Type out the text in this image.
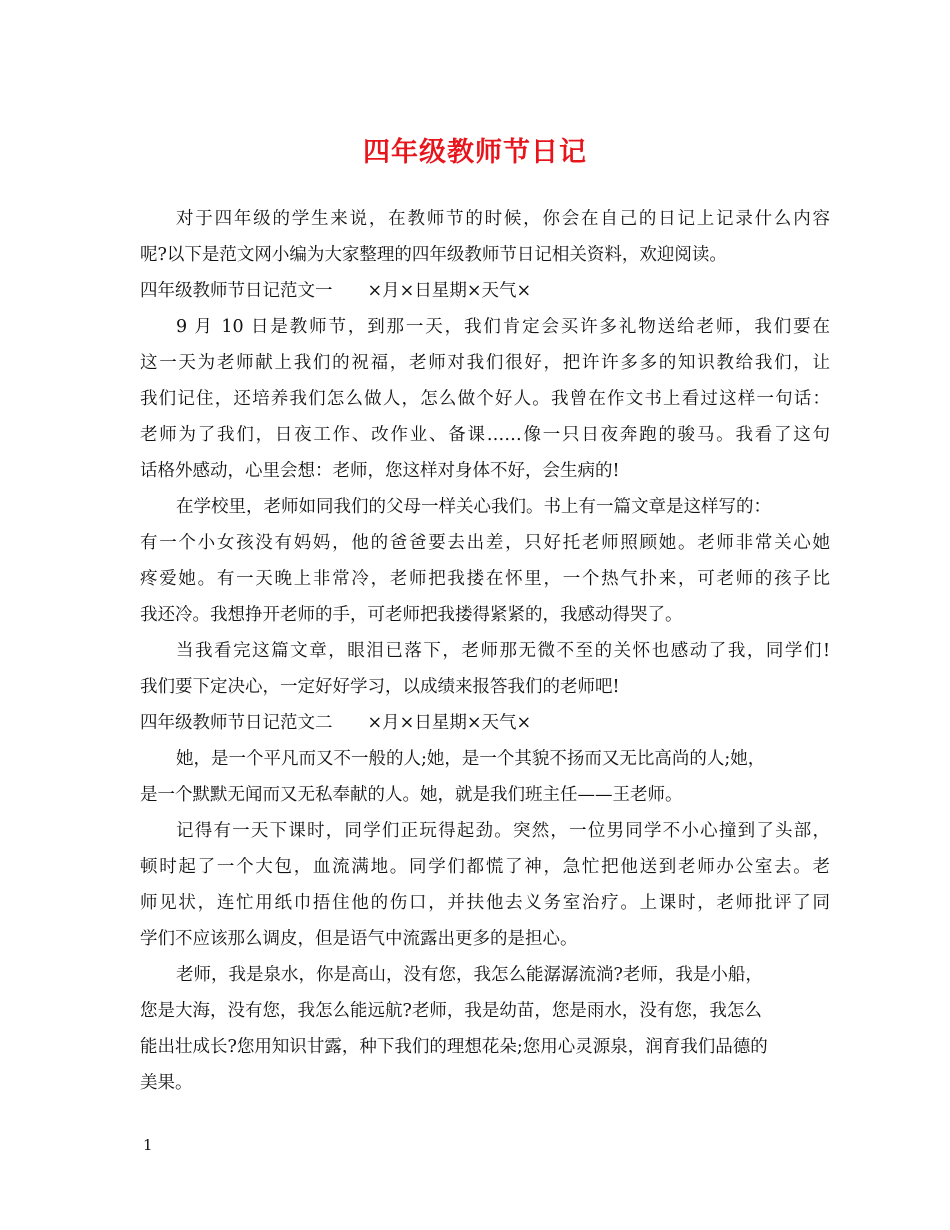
四年级教师节日记
对于四年级的学生来说，在教师节的时候，你会在自己的日记上记录什么内容
呢?以下是范文网小编为大家整理的四年级教师节日记相关资料，欢迎阅读。
四年级教师节日记范文一　　×月×日星期×天气×
9 月 10 日是教师节，到那一天，我们肯定会买许多礼物送给老师，我们要在
这一天为老师献上我们的祝福，老师对我们很好，把许许多多的知识教给我们，让
我们记住，还培养我们怎么做人，怎么做个好人。我曾在作文书上看过这样一句话：
老师为了我们，日夜工作、改作业、备课……像一只日夜奔跑的骏马。我看了这句
话格外感动，心里会想：老师，您这样对身体不好，会生病的!
在学校里，老师如同我们的父母一样关心我们。书上有一篇文章是这样写的：
有一个小女孩没有妈妈，他的爸爸要去出差，只好托老师照顾她。老师非常关心她
疼爱她。有一天晚上非常冷，老师把我搂在怀里，一个热气扑来，可老师的孩子比
我还冷。我想挣开老师的手，可老师把我搂得紧紧的，我感动得哭了。
当我看完这篇文章，眼泪已落下，老师那无微不至的关怀也感动了我，同学们!
我们要下定决心，一定好好学习，以成绩来报答我们的老师吧!
四年级教师节日记范文二　　×月×日星期×天气×
她，是一个平凡而又不一般的人;她，是一个其貌不扬而又无比高尚的人;她，
是一个默默无闻而又无私奉献的人。她，就是我们班主任——王老师。
记得有一天下课时，同学们正玩得起劲。突然，一位男同学不小心撞到了头部，
顿时起了一个大包，血流满地。同学们都慌了神，急忙把他送到老师办公室去。老
师见状，连忙用纸巾捂住他的伤口，并扶他去义务室治疗。上课时，老师批评了同
学们不应该那么调皮，但是语气中流露出更多的是担心。
老师，我是泉水，你是高山，没有您，我怎么能潺潺流淌?老师，我是小船，
您是大海，没有您，我怎么能远航?老师，我是幼苗，您是雨水，没有您，我怎么
能出壮成长?您用知识甘露，种下我们的理想花朵;您用心灵源泉，润育我们品德的
美果。
1
